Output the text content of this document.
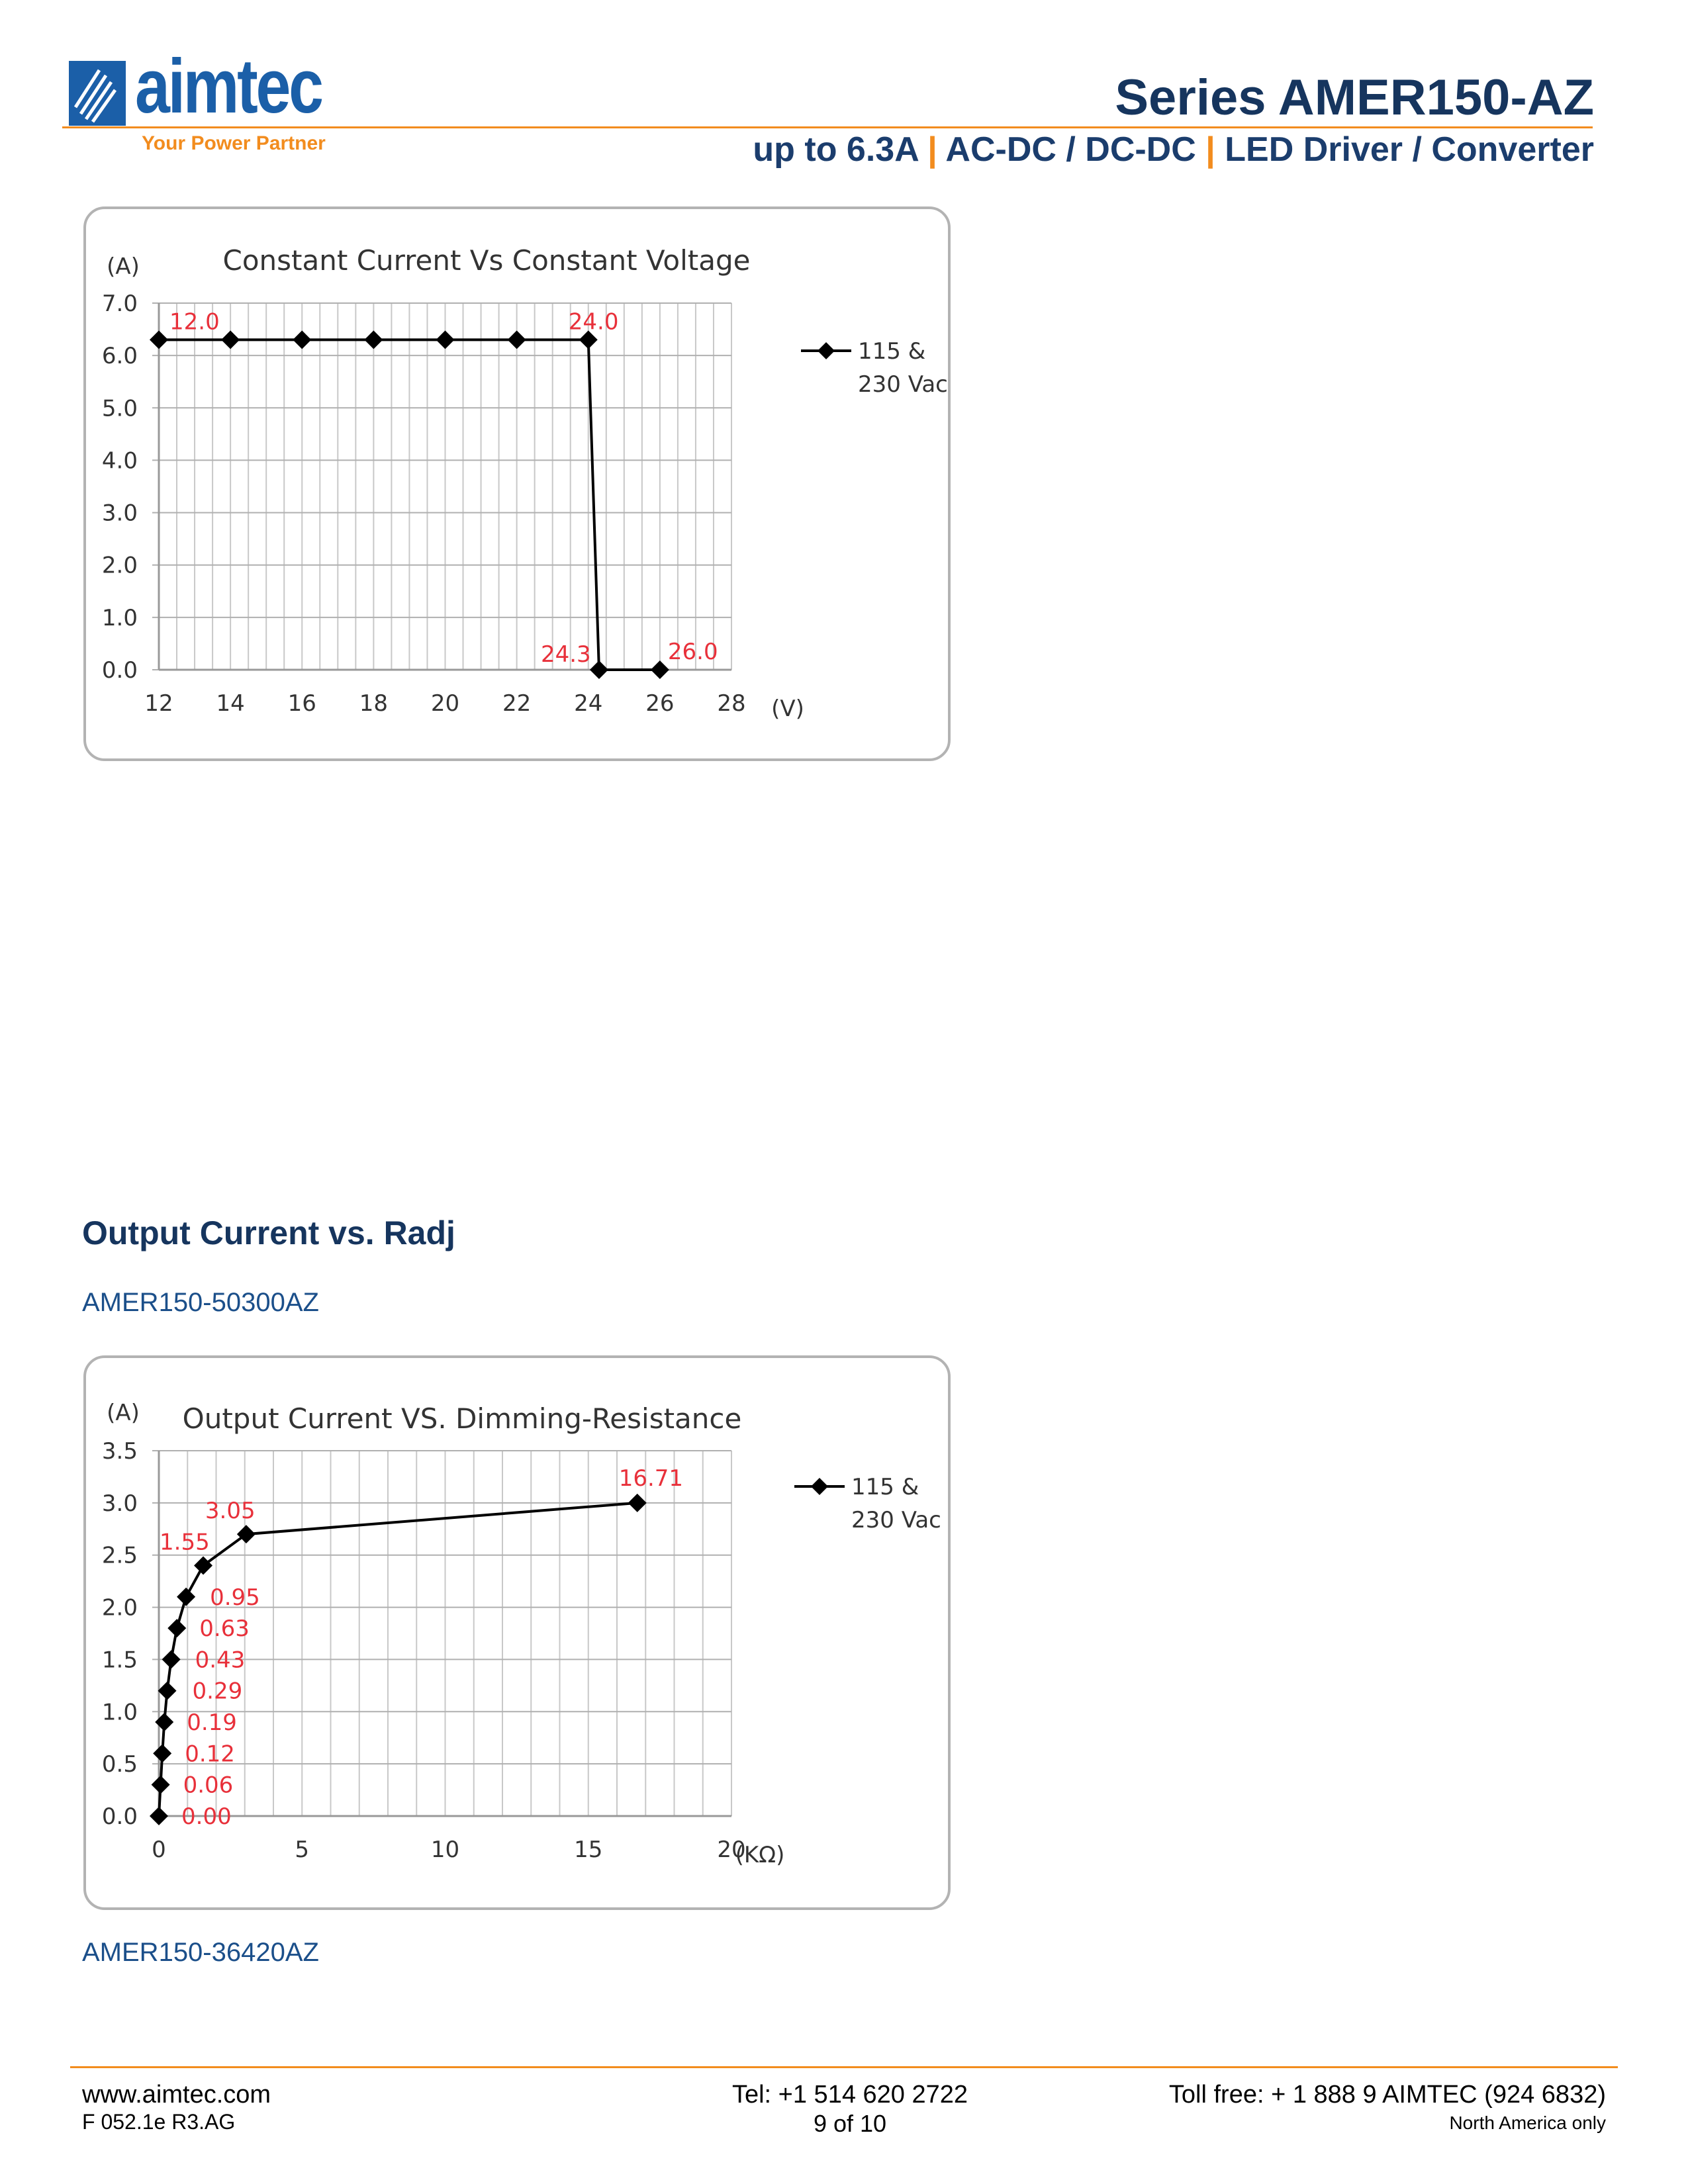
aimtec
Your Power Partner
Series AMER150-AZ
up to 6.3A | AC-DC / DC-DC | LED Driver / Converter
0.0
1.0
2.0
3.0
4.0
5.0
6.0
7.0
12 14 16 18 20 22 24 26 28
Constant Current Vs Constant Voltage
(A)
(V)
12.0	24.0
24.3	26.0
115 &
230 Vac
Output Current vs. Radj
AMER150-50300AZ
0.0
0.5
1.0
1.5
2.0
2.5
3.0
3.5
0	5	10	15	20
Output Current VS. Dimming-Resistance
(A)
(KΩ)
0.00
0.06
0.12
0.19
0.29
0.43
0.63
0.95
1.55
3.05
16.71	115 &
230 Vac
AMER150-36420AZ
www.aimtec.com
F 052.1e R3.AG
Tel: +1 514 620 2722
9 of 10
Toll free: + 1 888 9 AIMTEC (924 6832)
North America only
